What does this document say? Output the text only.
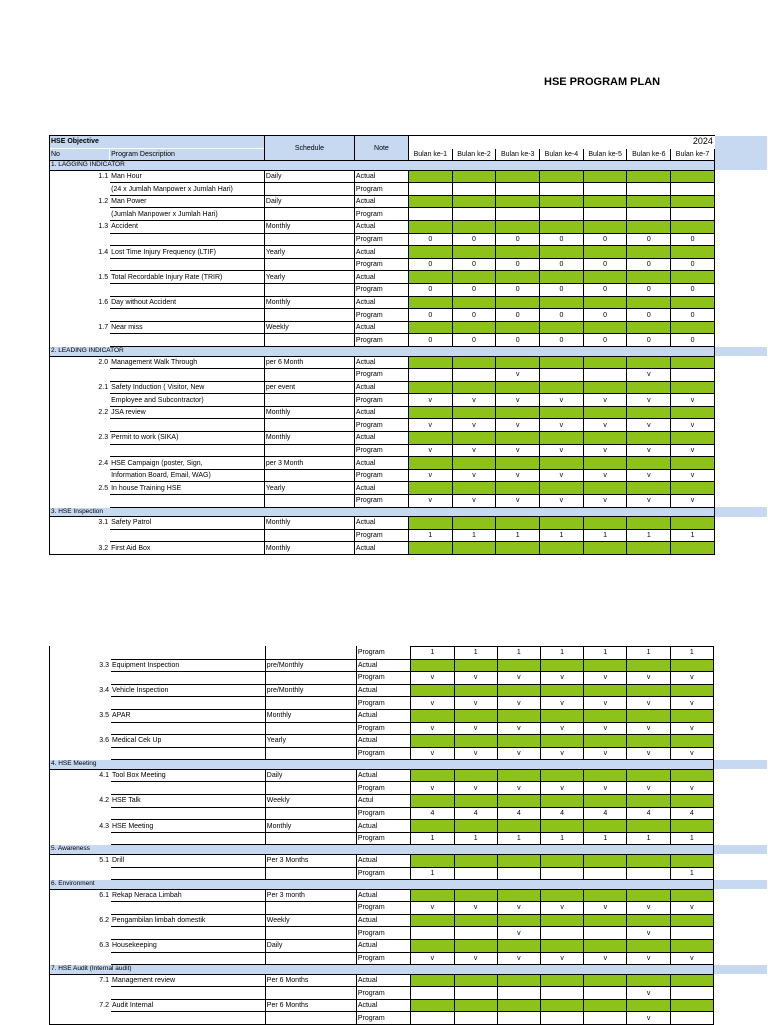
HSE PROGRAM PLAN
HSE Objective		Schedule	Note	2024							
No	Program Description			Bulan ke-1	Bulan ke-2	Bulan ke-3	Bulan ke-4	Bulan ke-5	Bulan ke-6	Bulan ke-7	
1. LAGGING INDICATOR											
1.1	Man Hour	Daily	Actual								
	(24 x Jumlah Manpower x Jumlah Hari)		Program								
1.2	Man Power	Daily	Actual								
	(Jumlah Manpower x Jumlah Hari)		Program								
1.3	Accident	Monthly	Actual								
			Program	0	0	0	0	0	0	0	
1.4	Lost Time Injury Frequency (LTIF)	Yearly	Actual								
			Program	0	0	0	0	0	0	0	
1.5	Total Recordable Injury Rate (TRIR)	Yearly	Actual								
			Program	0	0	0	0	0	0	0	
1.6	Day without Accident	Monthly	Actual								
			Program	0	0	0	0	0	0	0	
1.7	Near miss	Weekly	Actual								
			Program	0	0	0	0	0	0	0	
2. LEADING INDICATOR											
2.0	Management Walk Through	per 6 Month	Actual								
			Program			v			v		
2.1	Safety Induction ( Visitor, New	per event	Actual								
	Employee and Subcontractor)		Program	v	v	v	v	v	v	v	
2.2	JSA review	Monthly	Actual								
			Program	v	v	v	v	v	v	v	
2.3	Permit to work (SIKA)	Monthly	Actual								
			Program	v	v	v	v	v	v	v	
2.4	HSE Campaign (poster, Sign,	per 3 Month	Actual								
	Information Board, Email, WAG)		Program	v	v	v	v	v	v	v	
2.5	In house Training HSE	Yearly	Actual								
			Program	v	v	v	v	v	v	v	
3. HSE Inspection											
3.1	Safety Patrol	Monthly	Actual								
			Program	1	1	1	1	1	1	1	
3.2	First Aid Box	Monthly	Actual								
			Program	1	1	1	1	1	1	1	
3.3	Equipment Inspection	pre/Monthly	Actual								
			Program	v	v	v	v	v	v	v	
3.4	Vehicle Inspection	pre/Monthly	Actual								
			Program	v	v	v	v	v	v	v	
3.5	APAR	Monthly	Actual								
			Program	v	v	v	v	v	v	v	
3.6	Medical Cek Up	Yearly	Actual								
			Program	v	v	v	v	v	v	v	
4. HSE Meeting											
4.1	Tool Box Meeting	Daily	Actual								
			Program	v	v	v	v	v	v	v	
4.2	HSE Talk	Weekly	Actul								
			Program	4	4	4	4	4	4	4	
4.3	HSE Meeting	Monthly	Actual								
			Program	1	1	1	1	1	1	1	
5. Awareness											
5.1	Drill	Per 3 Months	Actual								
			Program	1						1	
6. Environment											
6.1	Rekap Neraca Limbah	Per 3 month	Actual								
			Program	v	v	v	v	v	v	v	
6.2	Pengambilan limbah domestik	Weekly	Actual								
			Program			v			v		
6.3	Housekeeping	Daily	Actual								
			Program	v	v	v	v	v	v	v	
7. HSE Audit (Internal audit)											
7.1	Management review	Per 6 Months	Actual								
			Program						v		
7.2	Audit Internal	Per 6 Months	Actual								
			Program						v		
